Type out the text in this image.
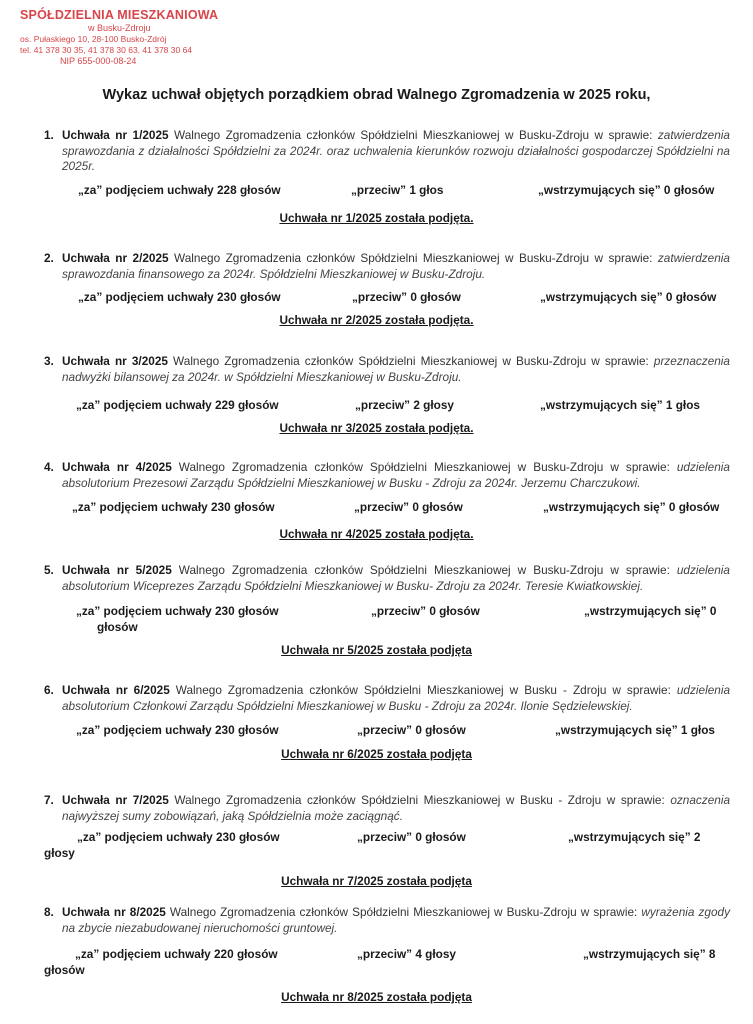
SPÓŁDZIELNIA MIESZKANIOWA
w Busku-Zdroju
os. Pułaskiego 10, 28-100 Busko-Zdrój
tel. 41 378 30 35, 41 378 30 63, 41 378 30 64
NIP 655-000-08-24
Wykaz uchwał objętych porządkiem obrad Walnego Zgromadzenia w 2025 roku,
1. Uchwała nr 1/2025 Walnego Zgromadzenia członków Spółdzielni Mieszkaniowej w Busku-Zdroju w sprawie: zatwierdzenia sprawozdania z działalności Spółdzielni za 2024r. oraz uchwalenia kierunków rozwoju działalności gospodarczej Spółdzielni na 2025r.
„za” podjęciem uchwały 228 głosów	„przeciw” 1 głos	„wstrzymujących się” 0 głosów
Uchwała nr 1/2025 została podjęta.
2. Uchwała nr 2/2025 Walnego Zgromadzenia członków Spółdzielni Mieszkaniowej w Busku-Zdroju w sprawie: zatwierdzenia sprawozdania finansowego za 2024r. Spółdzielni Mieszkaniowej w Busku-Zdroju.
„za” podjęciem uchwały 230 głosów	„przeciw” 0 głosów	„wstrzymujących się” 0 głosów
Uchwała nr 2/2025 została podjęta.
3. Uchwała nr 3/2025 Walnego Zgromadzenia członków Spółdzielni Mieszkaniowej w Busku-Zdroju w sprawie: przeznaczenia nadwyżki bilansowej za 2024r. w Spółdzielni Mieszkaniowej w Busku-Zdroju.
„za” podjęciem uchwały 229 głosów	„przeciw” 2 głosy	„wstrzymujących się” 1 głos
Uchwała nr 3/2025 została podjęta.
4. Uchwała nr 4/2025 Walnego Zgromadzenia członków Spółdzielni Mieszkaniowej w Busku-Zdroju w sprawie: udzielenia absolutorium Prezesowi Zarządu Spółdzielni Mieszkaniowej w Busku - Zdroju za 2024r. Jerzemu Charczukowi.
„za” podjęciem uchwały 230 głosów	„przeciw” 0 głosów	„wstrzymujących się” 0 głosów
Uchwała nr 4/2025 została podjęta.
5. Uchwała nr 5/2025 Walnego Zgromadzenia członków Spółdzielni Mieszkaniowej w Busku-Zdroju w sprawie: udzielenia absolutorium Wiceprezes Zarządu Spółdzielni Mieszkaniowej w Busku- Zdroju za 2024r. Teresie Kwiatkowskiej.
„za” podjęciem uchwały 230 głosów	„przeciw” 0 głosów	„wstrzymujących się” 0
głosów
Uchwała nr 5/2025 została podjęta
6. Uchwała nr 6/2025 Walnego Zgromadzenia członków Spółdzielni Mieszkaniowej w Busku - Zdroju w sprawie: udzielenia absolutorium Członkowi Zarządu Spółdzielni Mieszkaniowej w Busku - Zdroju za 2024r. Ilonie Sędzielewskiej.
„za” podjęciem uchwały 230 głosów	„przeciw” 0 głosów	„wstrzymujących się” 1 głos
Uchwała nr 6/2025 została podjęta
7. Uchwała nr 7/2025 Walnego Zgromadzenia członków Spółdzielni Mieszkaniowej w Busku - Zdroju w sprawie: oznaczenia najwyższej sumy zobowiązań, jaką Spółdzielnia może zaciągnąć.
„za” podjęciem uchwały 230 głosów	„przeciw” 0 głosów	„wstrzymujących się” 2
głosy
Uchwała nr 7/2025 została podjęta
8. Uchwała nr 8/2025 Walnego Zgromadzenia członków Spółdzielni Mieszkaniowej w Busku-Zdroju w sprawie: wyrażenia zgody na zbycie niezabudowanej nieruchomości gruntowej.
„za” podjęciem uchwały 220 głosów	„przeciw” 4 głosy	„wstrzymujących się” 8
głosów
Uchwała nr 8/2025 została podjęta
